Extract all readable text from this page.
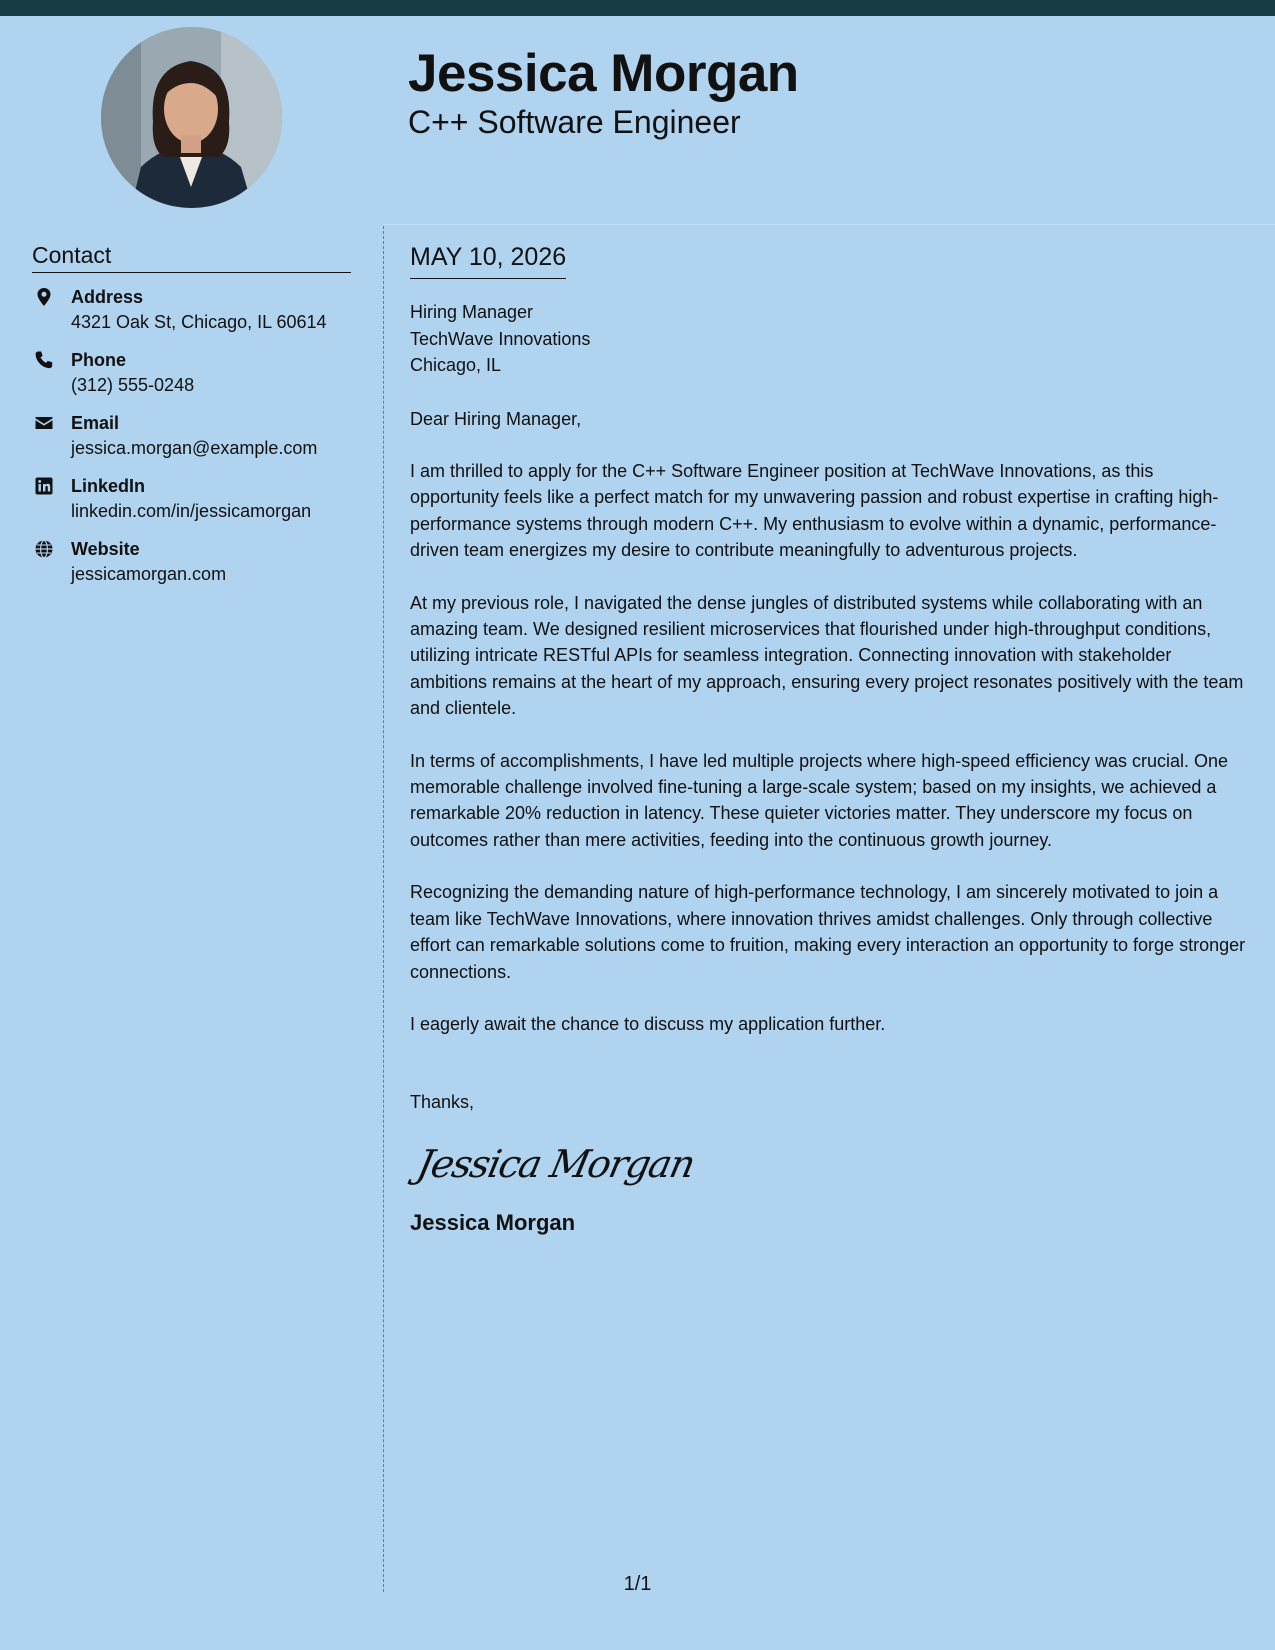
Jessica Morgan
C++ Software Engineer
Contact
Address
4321 Oak St, Chicago, IL 60614
Phone
(312) 555-0248
Email
jessica.morgan@example.com
LinkedIn
linkedin.com/in/jessicamorgan
Website
jessicamorgan.com
MAY 10, 2026
Hiring Manager
TechWave Innovations
Chicago, IL
Dear Hiring Manager,
I am thrilled to apply for the C++ Software Engineer position at TechWave Innovations, as this opportunity feels like a perfect match for my unwavering passion and robust expertise in crafting high-performance systems through modern C++. My enthusiasm to evolve within a dynamic, performance-driven team energizes my desire to contribute meaningfully to adventurous projects.
At my previous role, I navigated the dense jungles of distributed systems while collaborating with an amazing team. We designed resilient microservices that flourished under high-throughput conditions, utilizing intricate RESTful APIs for seamless integration. Connecting innovation with stakeholder ambitions remains at the heart of my approach, ensuring every project resonates positively with the team and clientele.
In terms of accomplishments, I have led multiple projects where high-speed efficiency was crucial. One memorable challenge involved fine-tuning a large-scale system; based on my insights, we achieved a remarkable 20% reduction in latency. These quieter victories matter. They underscore my focus on outcomes rather than mere activities, feeding into the continuous growth journey.
Recognizing the demanding nature of high-performance technology, I am sincerely motivated to join a team like TechWave Innovations, where innovation thrives amidst challenges. Only through collective effort can remarkable solutions come to fruition, making every interaction an opportunity to forge stronger connections.
I eagerly await the chance to discuss my application further.
Thanks,
Jessica Morgan
Jessica Morgan
1/1
